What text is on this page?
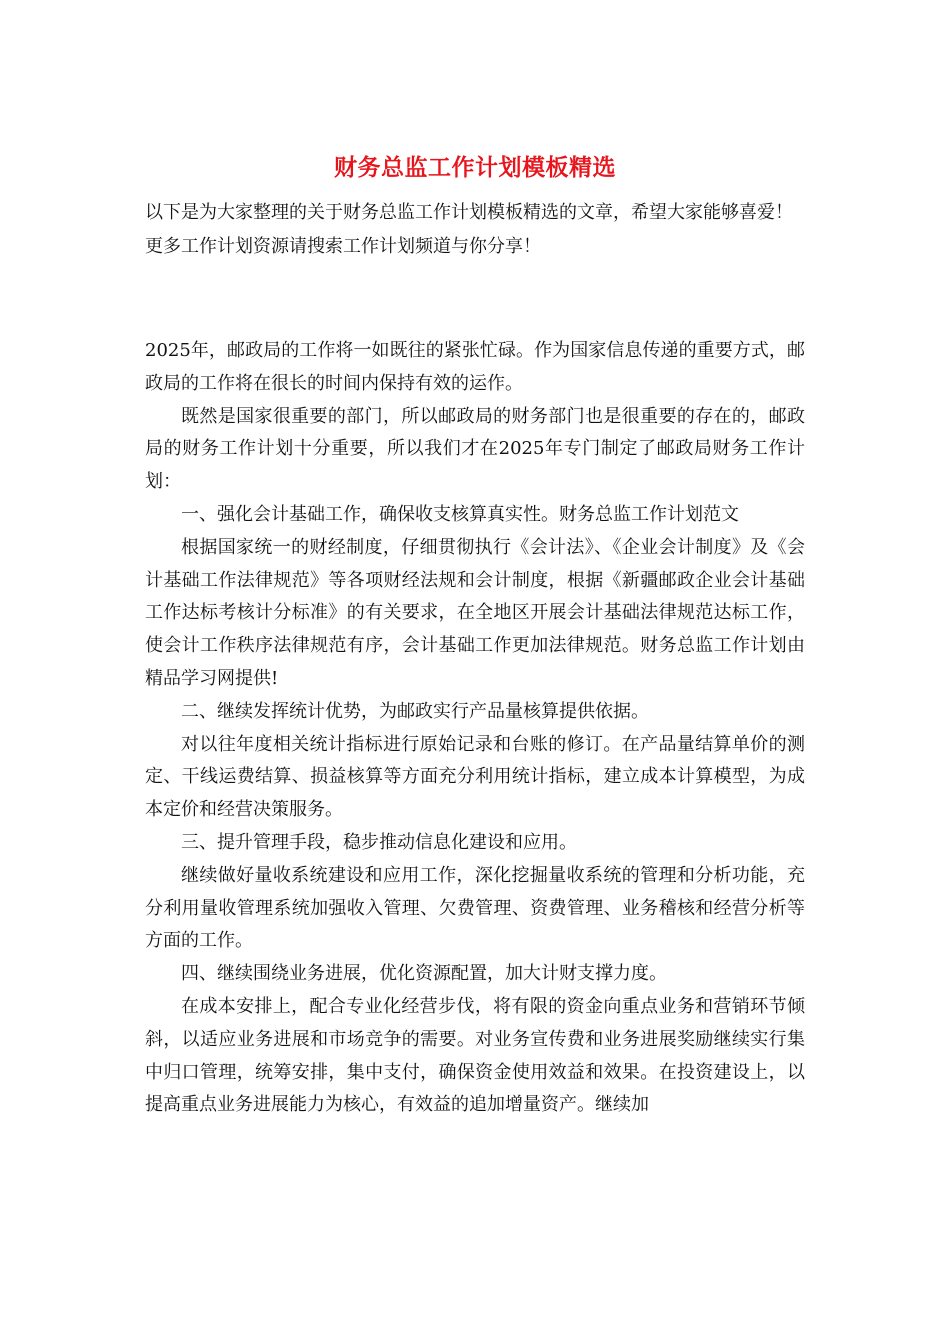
财务总监工作计划模板精选

以下是为大家整理的关于财务总监工作计划模板精选的文章，希望大家能够喜爱！更多工作计划资源请搜索工作计划频道与你分享！

2025年，邮政局的工作将一如既往的紧张忙碌。作为国家信息传递的重要方式，邮政局的工作将在很长的时间内保持有效的运作。

既然是国家很重要的部门，所以邮政局的财务部门也是很重要的存在的，邮政局的财务工作计划十分重要，所以我们才在2025年专门制定了邮政局财务工作计划：

一、强化会计基础工作，确保收支核算真实性。财务总监工作计划范文

根据国家统一的财经制度，仔细贯彻执行《会计法》、《企业会计制度》及《会计基础工作法律规范》等各项财经法规和会计制度，根据《新疆邮政企业会计基础工作达标考核计分标准》的有关要求，在全地区开展会计基础法律规范达标工作，使会计工作秩序法律规范有序，会计基础工作更加法律规范。财务总监工作计划由精品学习网提供!

二、继续发挥统计优势，为邮政实行产品量核算提供依据。

对以往年度相关统计指标进行原始记录和台账的修订。在产品量结算单价的测定、干线运费结算、损益核算等方面充分利用统计指标，建立成本计算模型，为成本定价和经营决策服务。

三、提升管理手段，稳步推动信息化建设和应用。

继续做好量收系统建设和应用工作，深化挖掘量收系统的管理和分析功能，充分利用量收管理系统加强收入管理、欠费管理、资费管理、业务稽核和经营分析等方面的工作。

四、继续围绕业务进展，优化资源配置，加大计财支撑力度。

在成本安排上，配合专业化经营步伐，将有限的资金向重点业务和营销环节倾斜，以适应业务进展和市场竞争的需要。对业务宣传费和业务进展奖励继续实行集中归口管理，统筹安排，集中支付，确保资金使用效益和效果。在投资建设上，以提高重点业务进展能力为核心，有效益的追加增量资产。继续加
